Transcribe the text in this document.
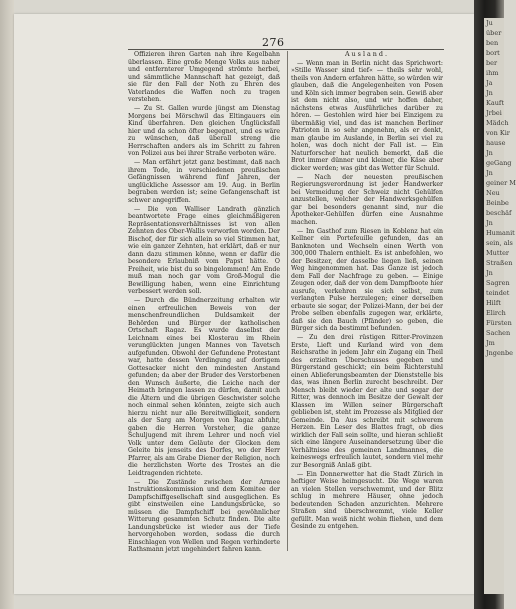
276

Offizieren ihren Garten nah ihre Kegelbahn überlassen. Eine große Menge Volks aus naher und entfernterer Umgegend strömte herbei, und sämmtliche Mannschaft hat gezeigt, daß sie für den Fall der Noth zu Ehren des Vaterlandes die Waffen noch zu tragen verstehen.

— Zu St. Gallen wurde jüngst am Dienstag Morgens bei Mörschwil das Eltingauers ein Kind überfahren. Den gleichen Unglücksfall hier und da schon öfter begegnet, und es wäre zu wünschen, daß überall streng die Herrschaften anders als im Schritt zu fahren von Polizei aus bei ihrer Straße verboten wäre.

— Man erfährt jetzt ganz bestimmt, daß nach ihrem Tode, in verschiedenen preußischen Gefängnissen während fünf Jahren, der unglückliche Assessor am 19. Aug. in Berlin begraben werden ist; seine Gefangenschaft ist schwer angegriffen.

— Die von Walliser Landrath gänzlich beantwortete Frage eines gleichmäßigeren Repräsentationsverhältnisses ist von allen Zehnten des Ober-Wallis verworfen worden. Der Bischof, der für sich allein so viel Stimmen hat, wie ein ganzer Zehnten, hat erklärt, daß er nur dann dazu stimmen könne, wenn er dafür die besondere Erlaubniß vom Papst hätte. O Freiheit, wie bist du so bingelommen! Am Ende muß man noch gar vom Groß-Mogul die Bewilligung haben, wenn eine Einrichtung verbessert werden soll.

— Durch die Bündnerzeitung erhalten wir einen erfreulichen Beweis von der menschenfreundlichen Duldsamkeit der Behörden und Bürger der katholischen Ortschaft Ragaz. Es wurde daselbst der Leichnam eines bei Klosterau im Rhein verunglückten jungen Mannes von Tavetsch aufgefunden. Obwohl der Gefundene Protestant war, hatte dessen Verdingung auf dortigem Gottesacker nicht den mindesten Anstand gefunden; da aber der Bruder des Verstorbenen den Wunsch äußerte, die Leiche nach der Heimath bringen lassen zu dürfen, damit auch die Ältern und die übrigen Geschwister solche noch einmal sehen könnten, zeigte sich auch hierzu nicht nur alle Bereitwilligkeit, sondern als der Sarg am Morgen von Ragaz abfuhr, gaben die Herren Vorsteher, die ganze Schuljugend mit ihrem Lehrer und noch viel Volk unter dem Geläute der Glocken dem Geleite bis jenseits des Dorfes, wo der Herr Pfarrer, als am Grabe Diener der Religion, noch die herzlichsten Worte des Trostes an die Leidtragenden richtete.

— Die Zustände zwischen der Armee Instruktionskommission und dem Komitee der Dampfschiffgesellschaft sind ausgeglichen. Es gibt einstweilen eine Landungsbrücke, so müssen die Dampfschiff bei gewöhnlicher Witterung gesammten Schutz finden. Die alte Landungsbrücke ist wieder aus der Tiefe hervorgehoben worden, sodass die durch Einschlagen von Wellen und Regen verhinderte Rathsmann jetzt ungehindert fahren kann.

Ausland.

— Wenn man in Berlin nicht das Sprichwort: »Stille Wasser sind tief« — theils sehr wohl, theils von Andern erfahren hätte, so würden wir glauben, daß die Angelegenheiten von Posen und Köln sich immer begraben sein. Gewiß aber ist dem nicht also, und wir hoffen daher, nächstens etwas Ausführliches darüber zu hören. — Gestohlen wird hier bei Einzigem zu übermäßig viel, und das ist manchen Berliner Patrioten in so sehr angenehm, als er denkt, man glaube im Auslande, in Berlin sei viel zu holen, was doch nicht der Fall ist. — Ein Naturforscher hat neulich bemerkt, daß die Brot immer dünner und kleiner, die Käse aber dicker werden; was gibt das Wetter für Schuld.

— Nach der neuesten preußischen Regierungsverordnung ist jeder Handwerker bei Vermeidung der Schweiz nicht Gehülfen anzustellen, welcher der Handwerksgehülfen gar bei besonders genannt sind, nur die Apotheker-Gehülfen dürfen eine Ausnahme machen.

— Im Gasthof zum Riesen in Koblenz hat ein Kellner ein Portefeuille gefunden, das an Banknoten und Wechseln einen Werth von 300,000 Thalern enthielt. Es ist anbefohlen, wo der Besitzer, der dasselbe liegen ließ, seinen Weg hingenommen hat. Das Ganze ist jedoch dem Fall der Nachfrage zu geben. — Einige Zeugen oder, daß der von dem Dampfboote hier ausrufe, verkehren sie sich selbst, zum verlangten Pulse herzulegen; einer derselben erbaute sie sogar, der Polizei-Mann, der bei der Probe selben ebenfalls zugegen war, erklärte, daß sie den Bauch (Pfänder) so geben, die Bürger sich da bestimmt befunden.

— Zu den drei rüstigen Ritter-Provinzen Erste, Lieft und Kurland wird von dem Reichsrathe in jedem Jahr ein Zugang ein Theil des erzielten Überschusses gegeben und Bürgerstand geschickt; ein beim Richterstuhl einen Ablieferungsbeamten der Dienststelle bis das, was ihnen Berlin zurecht beschreibt. Der Mensch bleibt wieder der alte und sogar der Ritter, was dennoch im Besitze der Gewalt der Klassen im Willen seiner Bürgerschaft geblieben ist, steht im Prozesse als Mitglied der Gemeinde. Da Aus schreibt mit schwerem Herzen. Ein Leser des Blattes fragt, ob dies wirklich der Fall sein sollte, und hieran schließt sich eine längere Auseinandersetzung über die Verhältnisse des gemeinen Landmannes, die keineswegs erfreulich lautet, sondern viel mehr zur Besorgniß Anlaß gibt.

— Ein Donnerwetter hat die Stadt Zürich in heftiger Weise heimgesucht. Die Wege waren an vielen Stellen verschwemmt, und der Blitz schlug in mehrere Häuser, ohne jedoch bedeutenden Schaden anzurichten. Mehrere Straßen sind überschwemmt, viele Keller gefüllt. Man weiß nicht wohin fliehen, und dem Gesinde zu entgehen.

Ju
über
ben
bort
ber
ihm
Ja
Jn
Kauft
Jrbei
Mädch
von Kir
hause
Jn
geGang
Jn
geiner M
Neu
Beinbe
beschäf
Jn
Humanit
sein, als
Mutter
Straßen
Jn
Sagren
teindet
Hilft
Elirch
Fürsten
Sachen
Jm
Jngenbe
